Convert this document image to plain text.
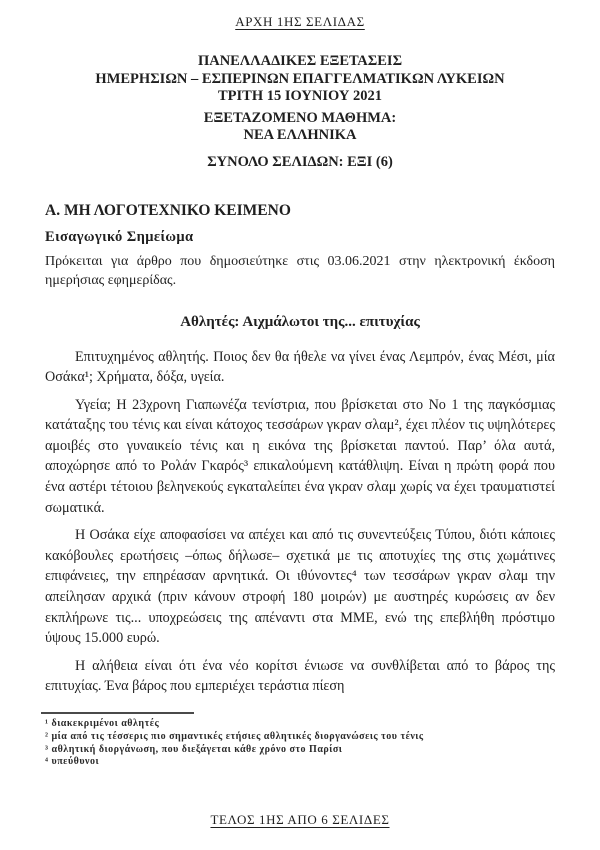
ΑΡΧΗ 1ΗΣ ΣΕΛΙΔΑΣ
ΠΑΝΕΛΛΑΔΙΚΕΣ ΕΞΕΤΑΣΕΙΣ
ΗΜΕΡΗΣΙΩΝ – ΕΣΠΕΡΙΝΩΝ ΕΠΑΓΓΕΛΜΑΤΙΚΩΝ ΛΥΚΕΙΩΝ
ΤΡΙΤΗ 15 ΙΟΥΝΙΟΥ 2021
ΕΞΕΤΑΖΟΜΕΝΟ ΜΑΘΗΜΑ:
ΝΕΑ ΕΛΛΗΝΙΚΑ
ΣΥΝΟΛΟ ΣΕΛΙΔΩΝ: ΕΞΙ (6)
Α. ΜΗ ΛΟΓΟΤΕΧΝΙΚΟ ΚΕΙΜΕΝΟ
Εισαγωγικό Σημείωμα
Πρόκειται για άρθρο που δημοσιεύτηκε στις 03.06.2021 στην ηλεκτρονική έκδοση ημερήσιας εφημερίδας.
Αθλητές: Αιχμάλωτοι της... επιτυχίας

Επιτυχημένος αθλητής. Ποιος δεν θα ήθελε να γίνει ένας Λεμπρόν, ένας Μέσι, μία Οσάκα¹; Χρήματα, δόξα, υγεία.

Υγεία; Η 23χρονη Γιαπωνέζα τενίστρια, που βρίσκεται στο Νο 1 της παγκόσμιας κατάταξης του τένις και είναι κάτοχος τεσσάρων γκραν σλαμ², έχει πλέον τις υψηλότερες αμοιβές στο γυναικείο τένις και η εικόνα της βρίσκεται παντού. Παρ’ όλα αυτά, αποχώρησε από το Ρολάν Γκαρός³ επικαλούμενη κατάθλιψη. Είναι η πρώτη φορά που ένα αστέρι τέτοιου βεληνεκούς εγκαταλείπει ένα γκραν σλαμ χωρίς να έχει τραυματιστεί σωματικά.

Η Οσάκα είχε αποφασίσει να απέχει και από τις συνεντεύξεις Τύπου, διότι κάποιες κακόβουλες ερωτήσεις –όπως δήλωσε– σχετικά με τις αποτυχίες της στις χωμάτινες επιφάνειες, την επηρέασαν αρνητικά. Οι ιθύνοντες⁴ των τεσσάρων γκραν σλαμ την απείλησαν αρχικά (πριν κάνουν στροφή 180 μοιρών) με αυστηρές κυρώσεις αν δεν εκπλήρωνε τις... υποχρεώσεις της απέναντι στα ΜΜΕ, ενώ της επεβλήθη πρόστιμο ύψους 15.000 ευρώ.

Η αλήθεια είναι ότι ένα νέο κορίτσι ένιωσε να συνθλίβεται από το βάρος της επιτυχίας. Ένα βάρος που εμπεριέχει τεράστια πίεση

¹ διακεκριμένοι αθλητές
² μία από τις τέσσερις πιο σημαντικές ετήσιες αθλητικές διοργανώσεις του τένις
³ αθλητική διοργάνωση, που διεξάγεται κάθε χρόνο στο Παρίσι
⁴ υπεύθυνοι
ΤΕΛΟΣ 1ΗΣ ΑΠΟ 6 ΣΕΛΙΔΕΣ
